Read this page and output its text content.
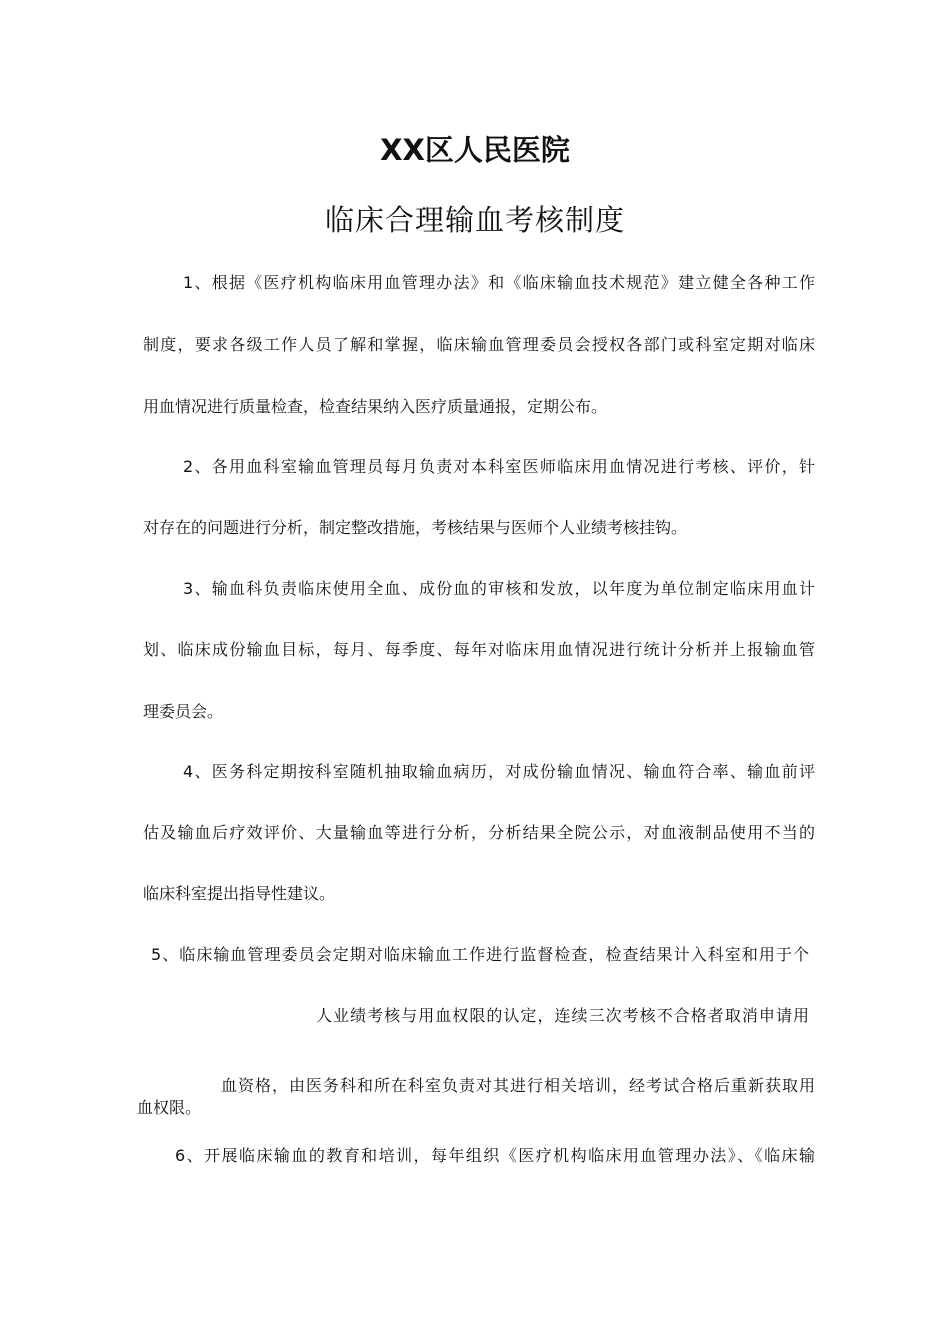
XX区人民医院
临床合理输血考核制度
1、根据《医疗机构临床用血管理办法》和《临床输血技术规范》建立健全各种工作
制度，要求各级工作人员了解和掌握，临床输血管理委员会授权各部门或科室定期对临床
用血情况进行质量检查，检查结果纳入医疗质量通报，定期公布。
2、各用血科室输血管理员每月负责对本科室医师临床用血情况进行考核、评价，针
对存在的问题进行分析，制定整改措施，考核结果与医师个人业绩考核挂钩。
3、输血科负责临床使用全血、成份血的审核和发放，以年度为单位制定临床用血计
划、临床成份输血目标，每月、每季度、每年对临床用血情况进行统计分析并上报输血管
理委员会。
4、医务科定期按科室随机抽取输血病历，对成份输血情况、输血符合率、输血前评
估及输血后疗效评价、大量输血等进行分析，分析结果全院公示，对血液制品使用不当的
临床科室提出指导性建议。
5、临床输血管理委员会定期对临床输血工作进行监督检查，检查结果计入科室和用于个
人业绩考核与用血权限的认定，连续三次考核不合格者取消申请用
血资格，由医务科和所在科室负责对其进行相关培训，经考试合格后重新获取用
血权限。
6、开展临床输血的教育和培训，每年组织《医疗机构临床用血管理办法》、《临床输
